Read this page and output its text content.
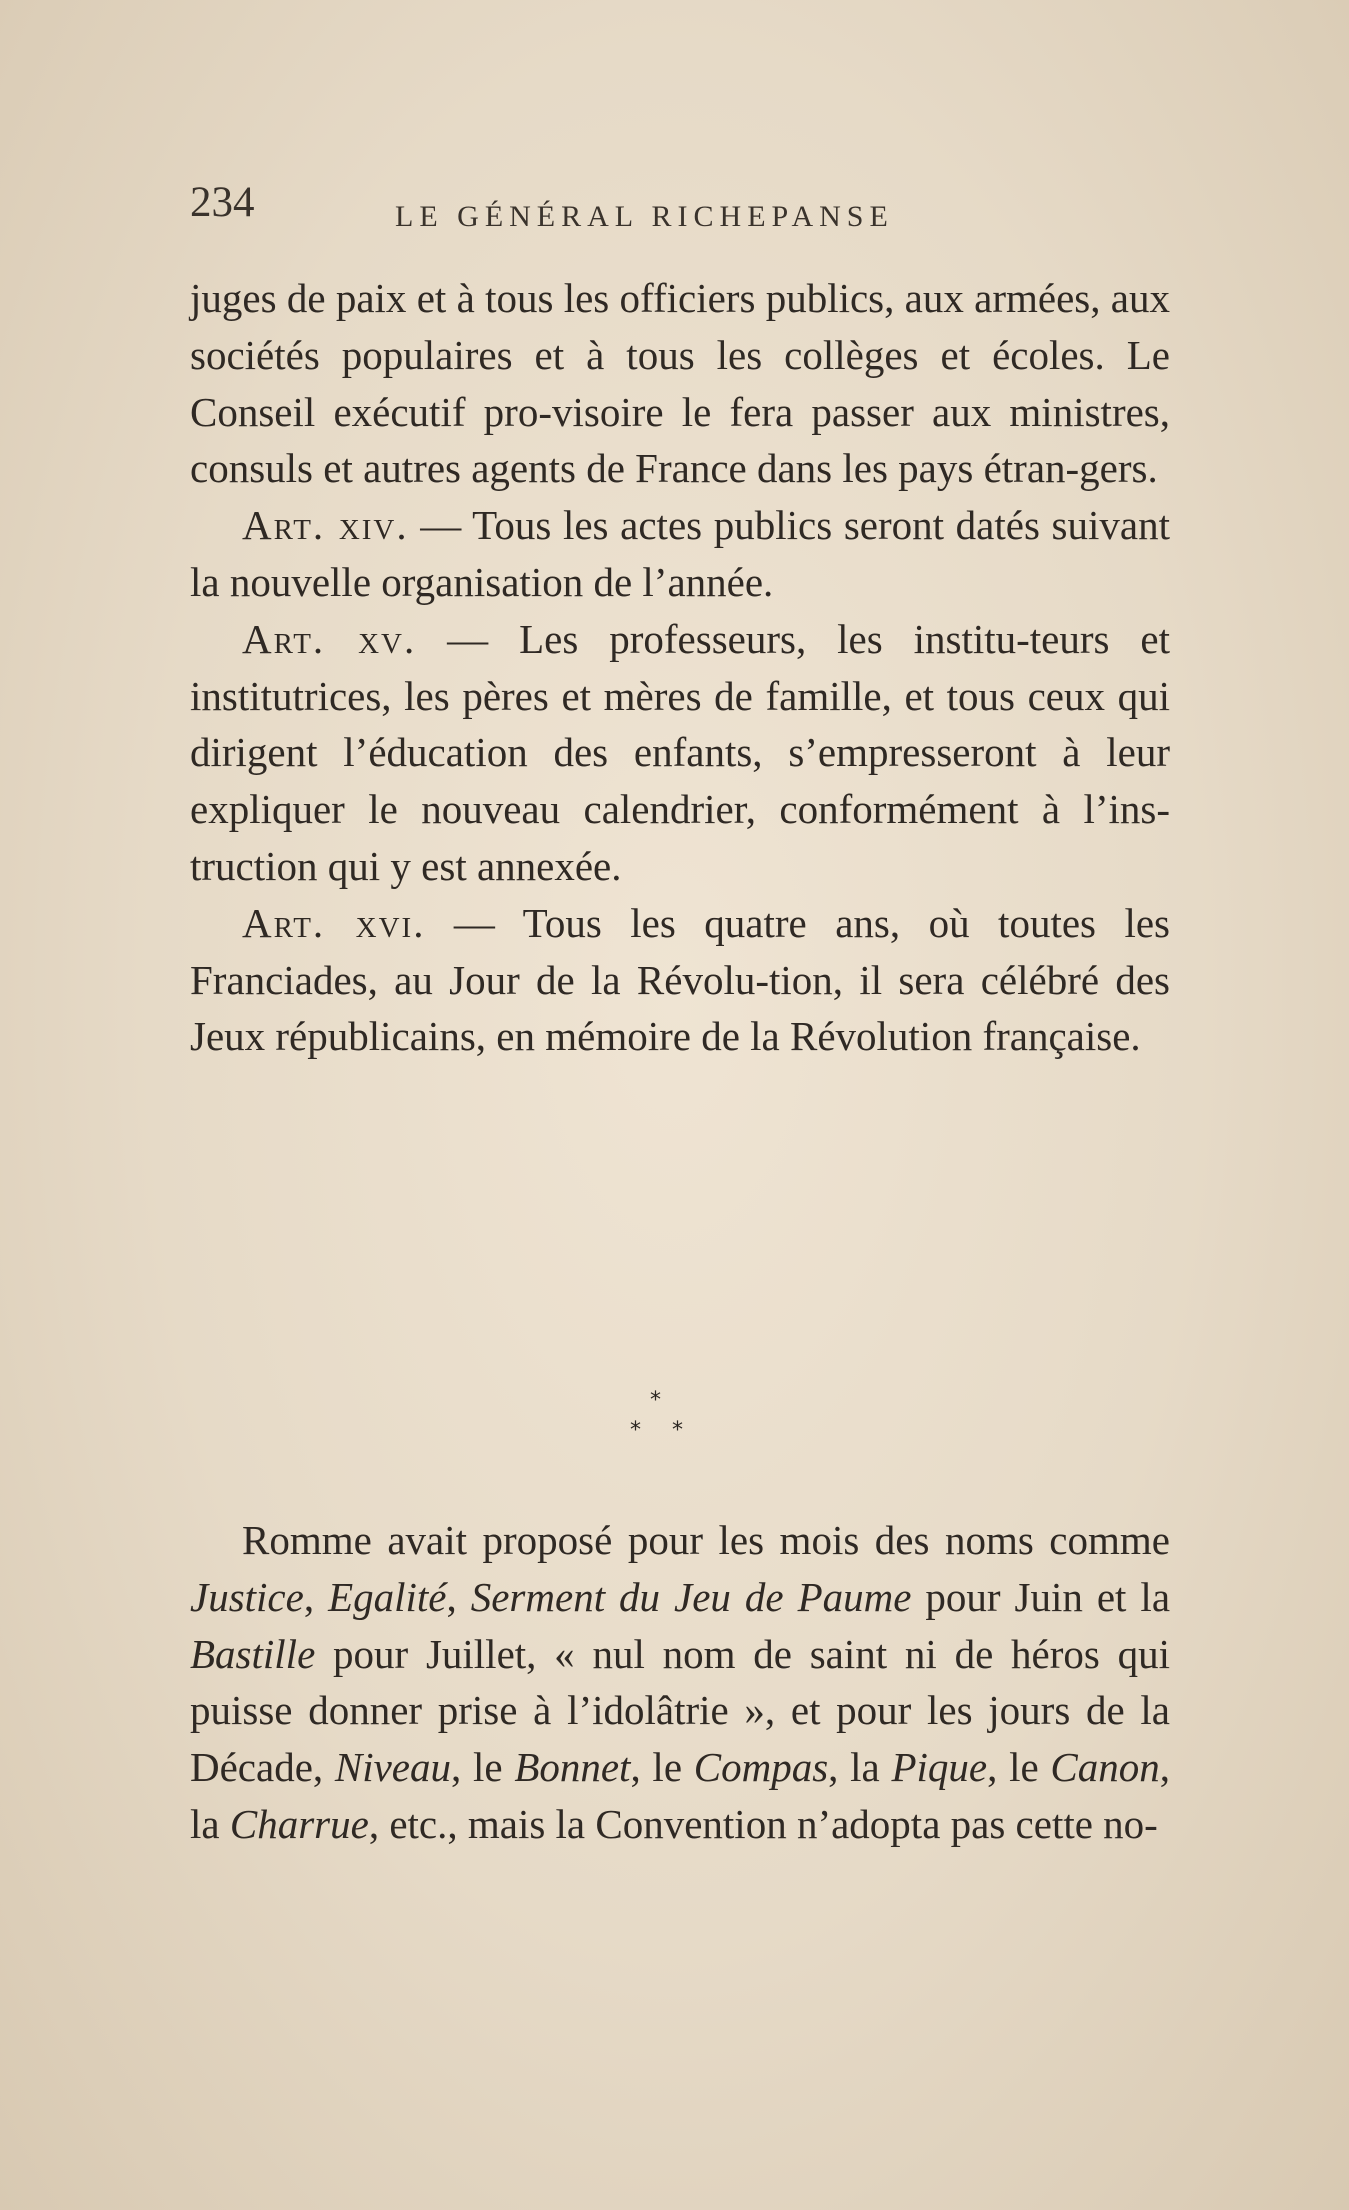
234	LE GÉNÉRAL RICHEPANSE

juges de paix et à tous les officiers publics, aux armées, aux sociétés populaires et à tous les collèges et écoles. Le Conseil exécutif pro-visoire le fera passer aux ministres, consuls et autres agents de France dans les pays étran-gers.

Art. xiv. — Tous les actes publics seront datés suivant la nouvelle organisation de l’année.

Art. xv. — Les professeurs, les institu-teurs et institutrices, les pères et mères de famille, et tous ceux qui dirigent l’éducation des enfants, s’empresseront à leur expliquer le nouveau calendrier, conformément à l’ins-truction qui y est annexée.

Art. xvi. — Tous les quatre ans, où toutes les Franciades, au Jour de la Révolu-tion, il sera célébré des Jeux républicains, en mémoire de la Révolution française.

*
* *

Romme avait proposé pour les mois des noms comme Justice, Egalité, Serment du Jeu de Paume pour Juin et la Bastille pour Juillet, « nul nom de saint ni de héros qui puisse donner prise à l’idolâtrie », et pour les jours de la Décade, Niveau, le Bonnet, le Compas, la Pique, le Canon, la Charrue, etc., mais la Convention n’adopta pas cette no-
